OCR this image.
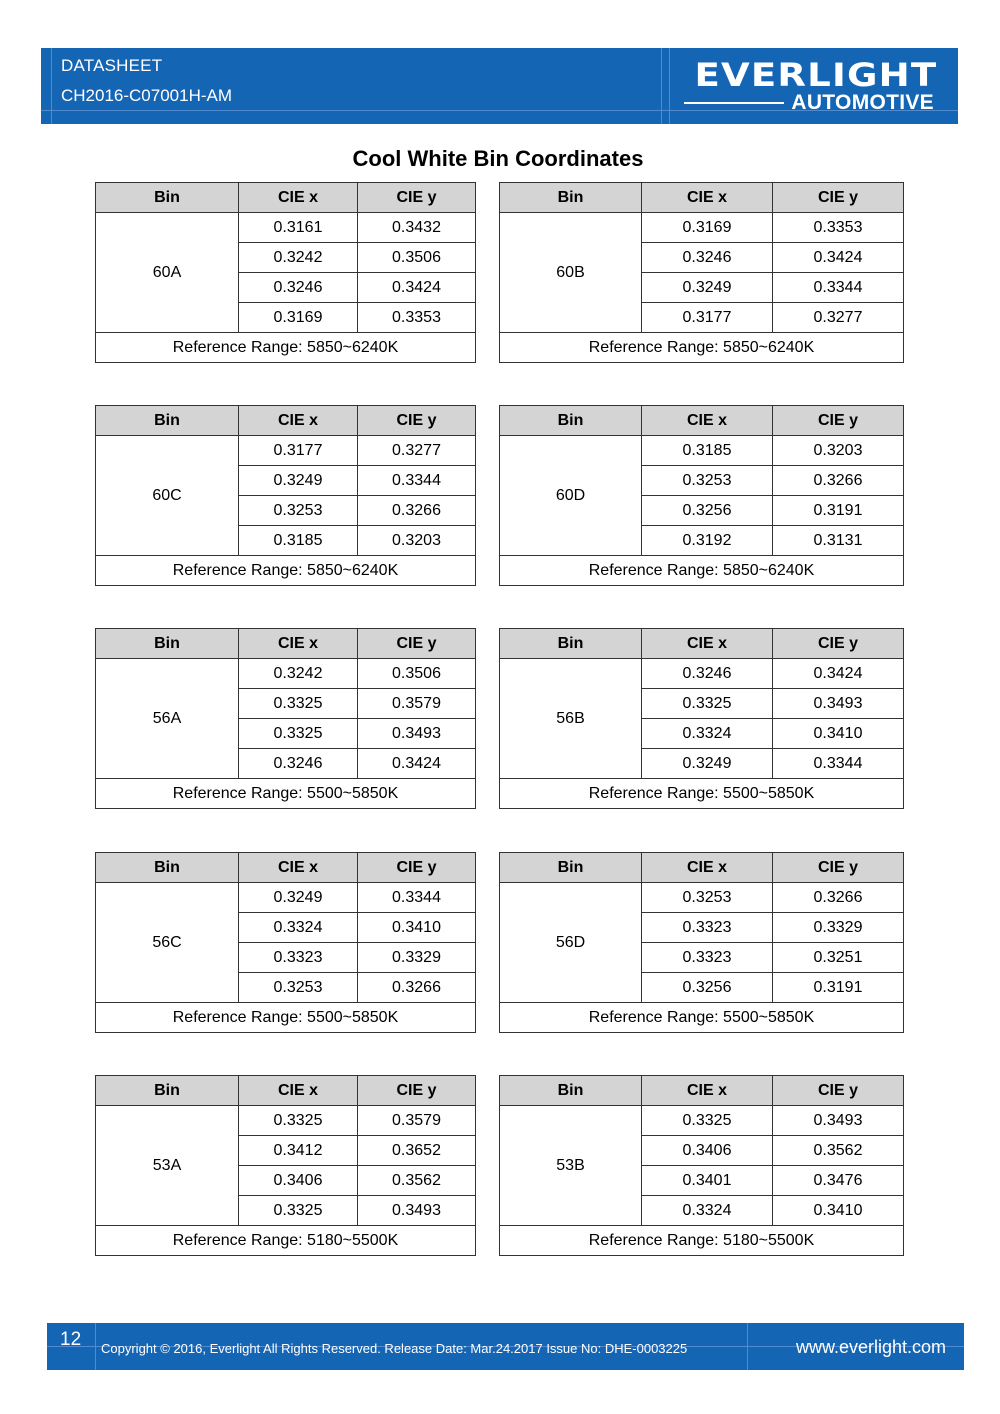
DATASHEET
CH2016-C07001H-AM
EVERLIGHT
AUTOMOTIVE
Cool White Bin Coordinates
Bin	CIE x	CIE y
60A	0.3161	0.3432
	0.3242	0.3506
	0.3246	0.3424
	0.3169	0.3353
Reference Range: 5850~6240K		
Bin	CIE x	CIE y
60B	0.3169	0.3353
	0.3246	0.3424
	0.3249	0.3344
	0.3177	0.3277
Reference Range: 5850~6240K		
Bin	CIE x	CIE y
60C	0.3177	0.3277
	0.3249	0.3344
	0.3253	0.3266
	0.3185	0.3203
Reference Range: 5850~6240K		
Bin	CIE x	CIE y
60D	0.3185	0.3203
	0.3253	0.3266
	0.3256	0.3191
	0.3192	0.3131
Reference Range: 5850~6240K		
Bin	CIE x	CIE y
56A	0.3242	0.3506
	0.3325	0.3579
	0.3325	0.3493
	0.3246	0.3424
Reference Range: 5500~5850K		
Bin	CIE x	CIE y
56B	0.3246	0.3424
	0.3325	0.3493
	0.3324	0.3410
	0.3249	0.3344
Reference Range: 5500~5850K		
Bin	CIE x	CIE y
56C	0.3249	0.3344
	0.3324	0.3410
	0.3323	0.3329
	0.3253	0.3266
Reference Range: 5500~5850K		
Bin	CIE x	CIE y
56D	0.3253	0.3266
	0.3323	0.3329
	0.3323	0.3251
	0.3256	0.3191
Reference Range: 5500~5850K		
Bin	CIE x	CIE y
53A	0.3325	0.3579
	0.3412	0.3652
	0.3406	0.3562
	0.3325	0.3493
Reference Range: 5180~5500K		
Bin	CIE x	CIE y
53B	0.3325	0.3493
	0.3406	0.3562
	0.3401	0.3476
	0.3324	0.3410
Reference Range: 5180~5500K		
12 Copyright © 2016, Everlight All Rights Reserved. Release Date: Mar.24.2017 Issue No: DHE-0003225	www.everlight.com
